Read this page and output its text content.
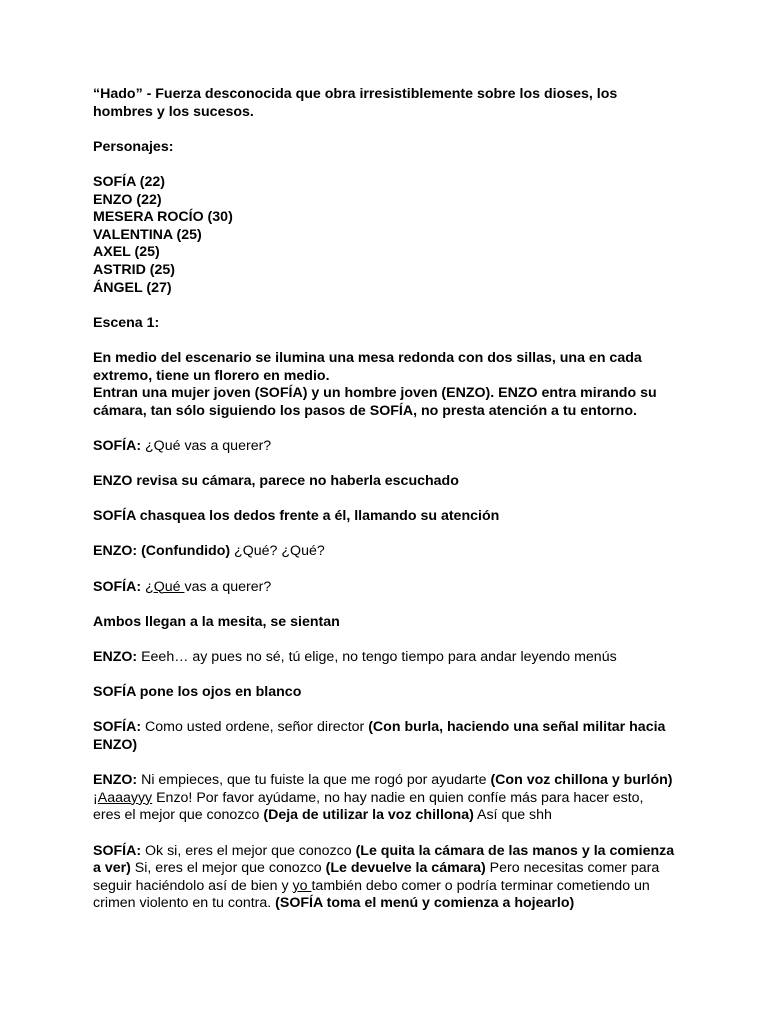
“Hado” - Fuerza desconocida que obra irresistiblemente sobre los dioses, los
hombres y los sucesos.

Personajes:

SOFÍA (22)
ENZO (22)
MESERA ROCÍO (30)
VALENTINA (25)
AXEL (25)
ASTRID (25)
ÁNGEL (27)

Escena 1:

En medio del escenario se ilumina una mesa redonda con dos sillas, una en cada
extremo, tiene un florero en medio.
Entran una mujer joven (SOFÍA) y un hombre joven (ENZO). ENZO entra mirando su
cámara, tan sólo siguiendo los pasos de SOFÍA, no presta atención a tu entorno.

SOFÍA: ¿Qué vas a querer?

ENZO revisa su cámara, parece no haberla escuchado

SOFÍA chasquea los dedos frente a él, llamando su atención

ENZO: (Confundido) ¿Qué? ¿Qué?

SOFÍA: ¿Qué vas a querer?

Ambos llegan a la mesita, se sientan

ENZO: Eeeh… ay pues no sé, tú elige, no tengo tiempo para andar leyendo menús

SOFÍA pone los ojos en blanco

SOFÍA: Como usted ordene, señor director (Con burla, haciendo una señal militar hacia
ENZO)

ENZO: Ni empieces, que tu fuiste la que me rogó por ayudarte (Con voz chillona y burlón)
¡Aaaayyy Enzo! Por favor ayúdame, no hay nadie en quien confíe más para hacer esto,
eres el mejor que conozco (Deja de utilizar la voz chillona) Así que shh

SOFÍA: Ok si, eres el mejor que conozco (Le quita la cámara de las manos y la comienza
a ver) Si, eres el mejor que conozco (Le devuelve la cámara) Pero necesitas comer para
seguir haciéndolo así de bien y yo también debo comer o podría terminar cometiendo un
crimen violento en tu contra. (SOFÍA toma el menú y comienza a hojearlo)
